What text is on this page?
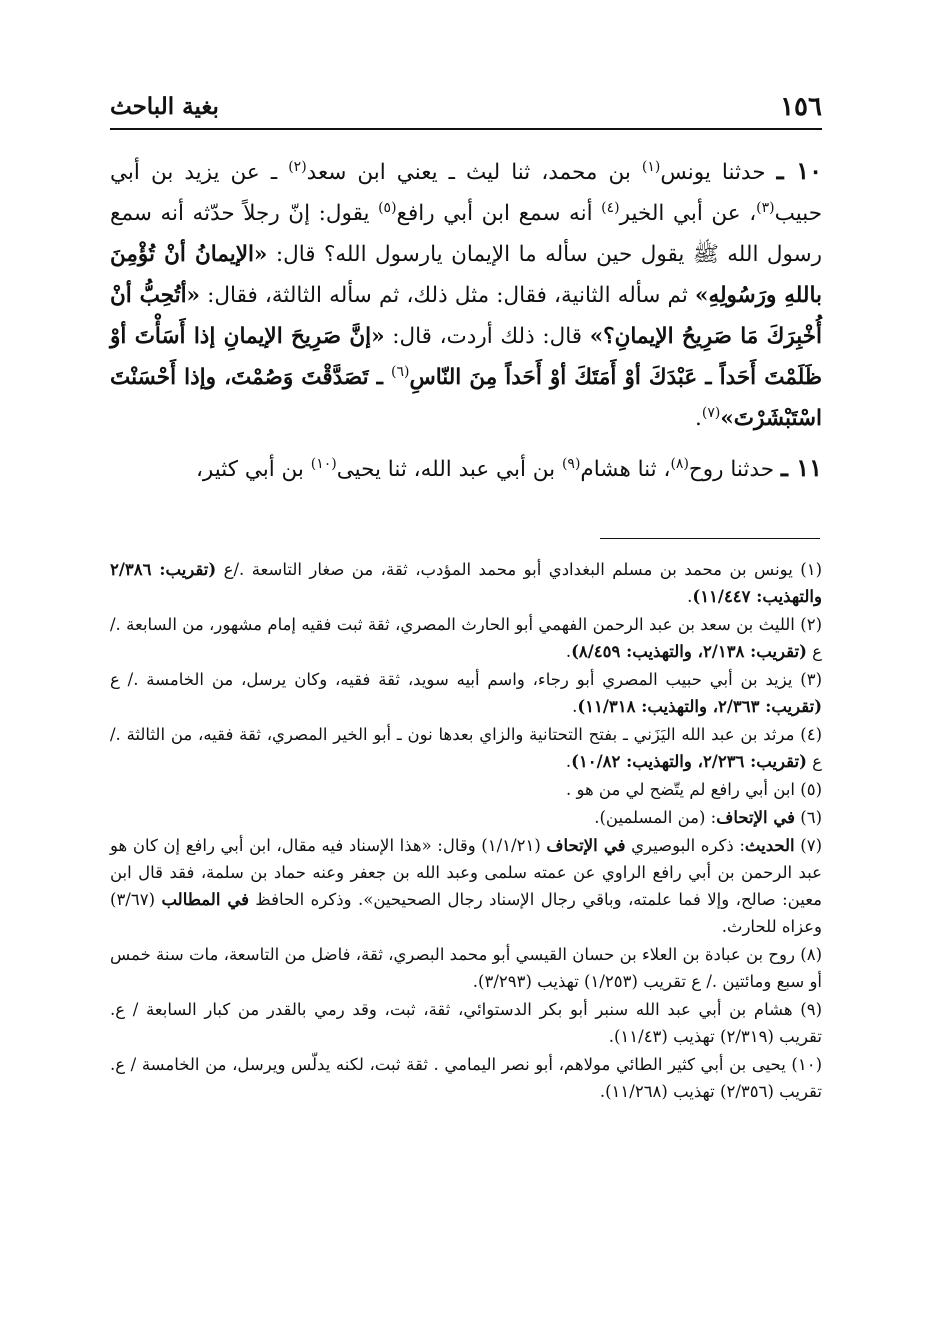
١٥٦
بغية الباحث

١٠ ـ حدثنا يونس$^{(١)}$ بن محمد، ثنا ليث ـ يعني ابن سعد$^{(٢)}$ ـ عن يزيد بن أبي حبيب$^{(٣)}$، عن أبي الخير$^{(٤)}$ أنه سمع ابن أبي رافع$^{(٥)}$ يقول: إنّ رجلاً حدّثه أنه سمع رسول الله ﷺ يقول حين سأله ما الإيمان يارسول الله؟ قال: «الإيمانُ أنْ تُؤْمِنَ باللهِ ورَسُولِهِ» ثم سأله الثانية، فقال: مثل ذلك، ثم سأله الثالثة، فقال: «أتُحِبُّ أنْ أُخْبِرَكَ مَا صَرِيحُ الإيمانِ؟» قال: ذلك أردت، قال: «إنَّ صَرِيحَ الإيمانِ إذا أَسَأْتَ أوْ ظَلَمْتَ أَحَداً ـ عَبْدَكَ أوْ أَمَتَكَ أوْ أَحَداً مِنَ النّاسِ$^{(٦)}$ ـ تَصَدَّقْتَ وَصُمْتَ، وإذا أَحْسَنْتَ اسْتَبْشَرْتَ»$^{(٧)}$.

١١ ـ حدثنا روح$^{(٨)}$، ثنا هشام$^{(٩)}$ بن أبي عبد الله، ثنا يحيى$^{(١٠)}$ بن أبي كثير،

(١) يونس بن محمد بن مسلم البغدادي أبو محمد المؤدب، ثقة، من صغار التاسعة ./ع (تقريب: ٢/٣٨٦ والتهذيب: ١١/٤٤٧).

(٢) الليث بن سعد بن عبد الرحمن الفهمي أبو الحارث المصري، ثقة ثبت فقيه إمام مشهور، من السابعة ./ع (تقريب: ٢/١٣٨، والتهذيب: ٨/٤٥٩).

(٣) يزيد بن أبي حبيب المصري أبو رجاء، واسم أبيه سويد، ثقة فقيه، وكان يرسل، من الخامسة ./ ع (تقريب: ٢/٣٦٣، والتهذيب: ١١/٣١٨).

(٤) مرثد بن عبد الله اليَزَني ـ بفتح التحتانية والزاي بعدها نون ـ أبو الخير المصري، ثقة فقيه، من الثالثة ./ ع (تقريب: ٢/٢٣٦، والتهذيب: ١٠/٨٢).

(٥) ابن أبي رافع لم يتّضح لي من هو .

(٦) في الإتحاف: (من المسلمين).

(٧) الحديث: ذكره البوصيري في الإتحاف (١/١/٢١) وقال: «هذا الإسناد فيه مقال، ابن أبي رافع إن كان هو عبد الرحمن بن أبي رافع الراوي عن عمته سلمى وعبد الله بن جعفر وعنه حماد بن سلمة، فقد قال ابن معين: صالح، وإلا فما علمته، وباقي رجال الإسناد رجال الصحيحين». وذكره الحافظ في المطالب (٣/٦٧) وعزاه للحارث.

(٨) روح بن عبادة بن العلاء بن حسان القيسي أبو محمد البصري، ثقة، فاضل من التاسعة، مات سنة خمس أو سبع ومائتين ./ ع تقريب (١/٢٥٣) تهذيب (٣/٢٩٣).

(٩) هشام بن أبي عبد الله سنبر أبو بكر الدستوائي، ثقة، ثبت، وقد رمي بالقدر من كبار السابعة / ع. تقريب (٢/٣١٩) تهذيب (١١/٤٣).

(١٠) يحيى بن أبي كثير الطائي مولاهم، أبو نصر اليمامي . ثقة ثبت، لكنه يدلّس ويرسل، من الخامسة / ع. تقريب (٢/٣٥٦) تهذيب (١١/٢٦٨).
